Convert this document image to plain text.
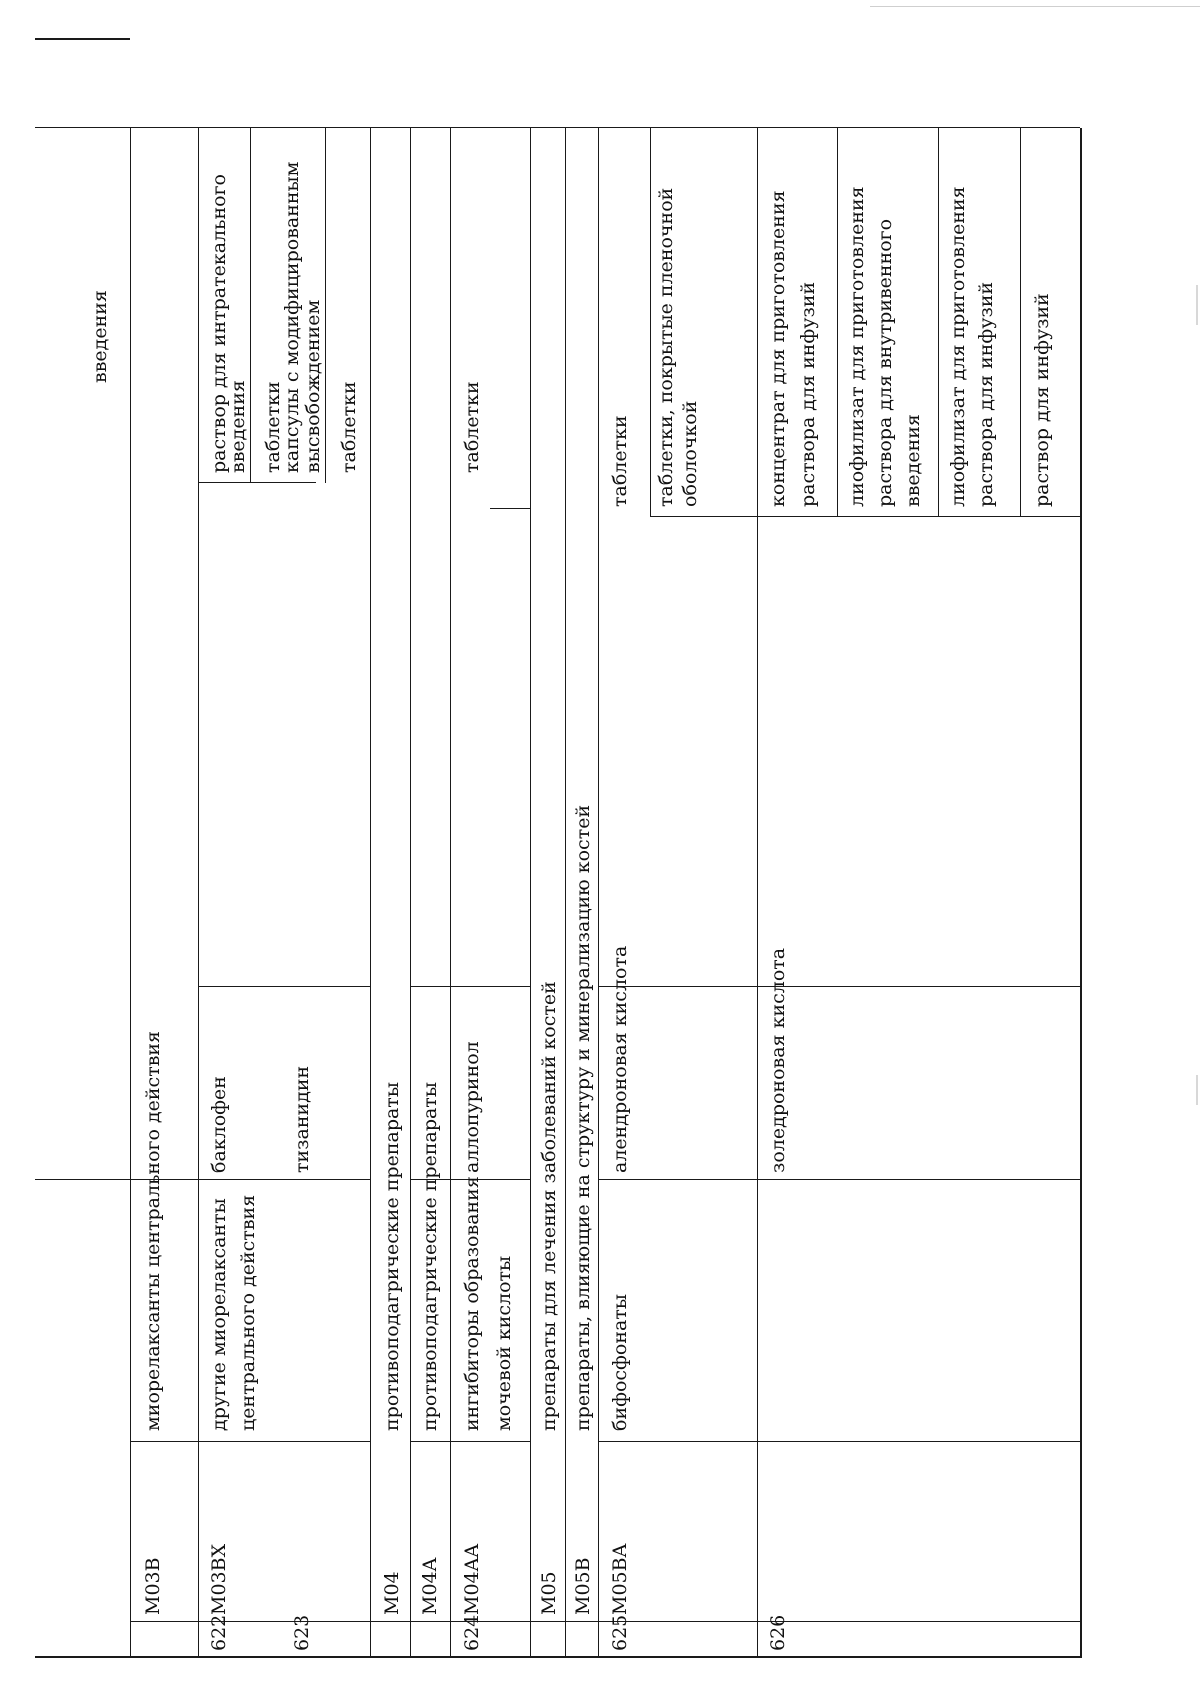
введения
M03B
миорелаксанты центрального действия
622
M03BX
другие миорелаксанты центрального действия
баклофен
раствор для интратекального
введения таблетки
623
тизанидин
капсулы с модифицированным высвобождением таблетки
M04
противоподагрические препараты
M04A
противоподагрические препараты
624
M04AA
ингибиторы образования мочевой кислоты
аллопуринол
таблетки
M05
препараты для лечения заболеваний костей
M05B
препараты, влияющие на структуру и минерализацию костей
625
M05BA
бифосфонаты
алендроновая кислота
таблетки таблетки, покрытые пленочной оболочкой
626
золедроновая кислота
концентрат для приготовления раствора для инфузий лиофилизат для приготовления раствора для внутривенного введения лиофилизат для приготовления раствора для инфузий раствор для инфузий
